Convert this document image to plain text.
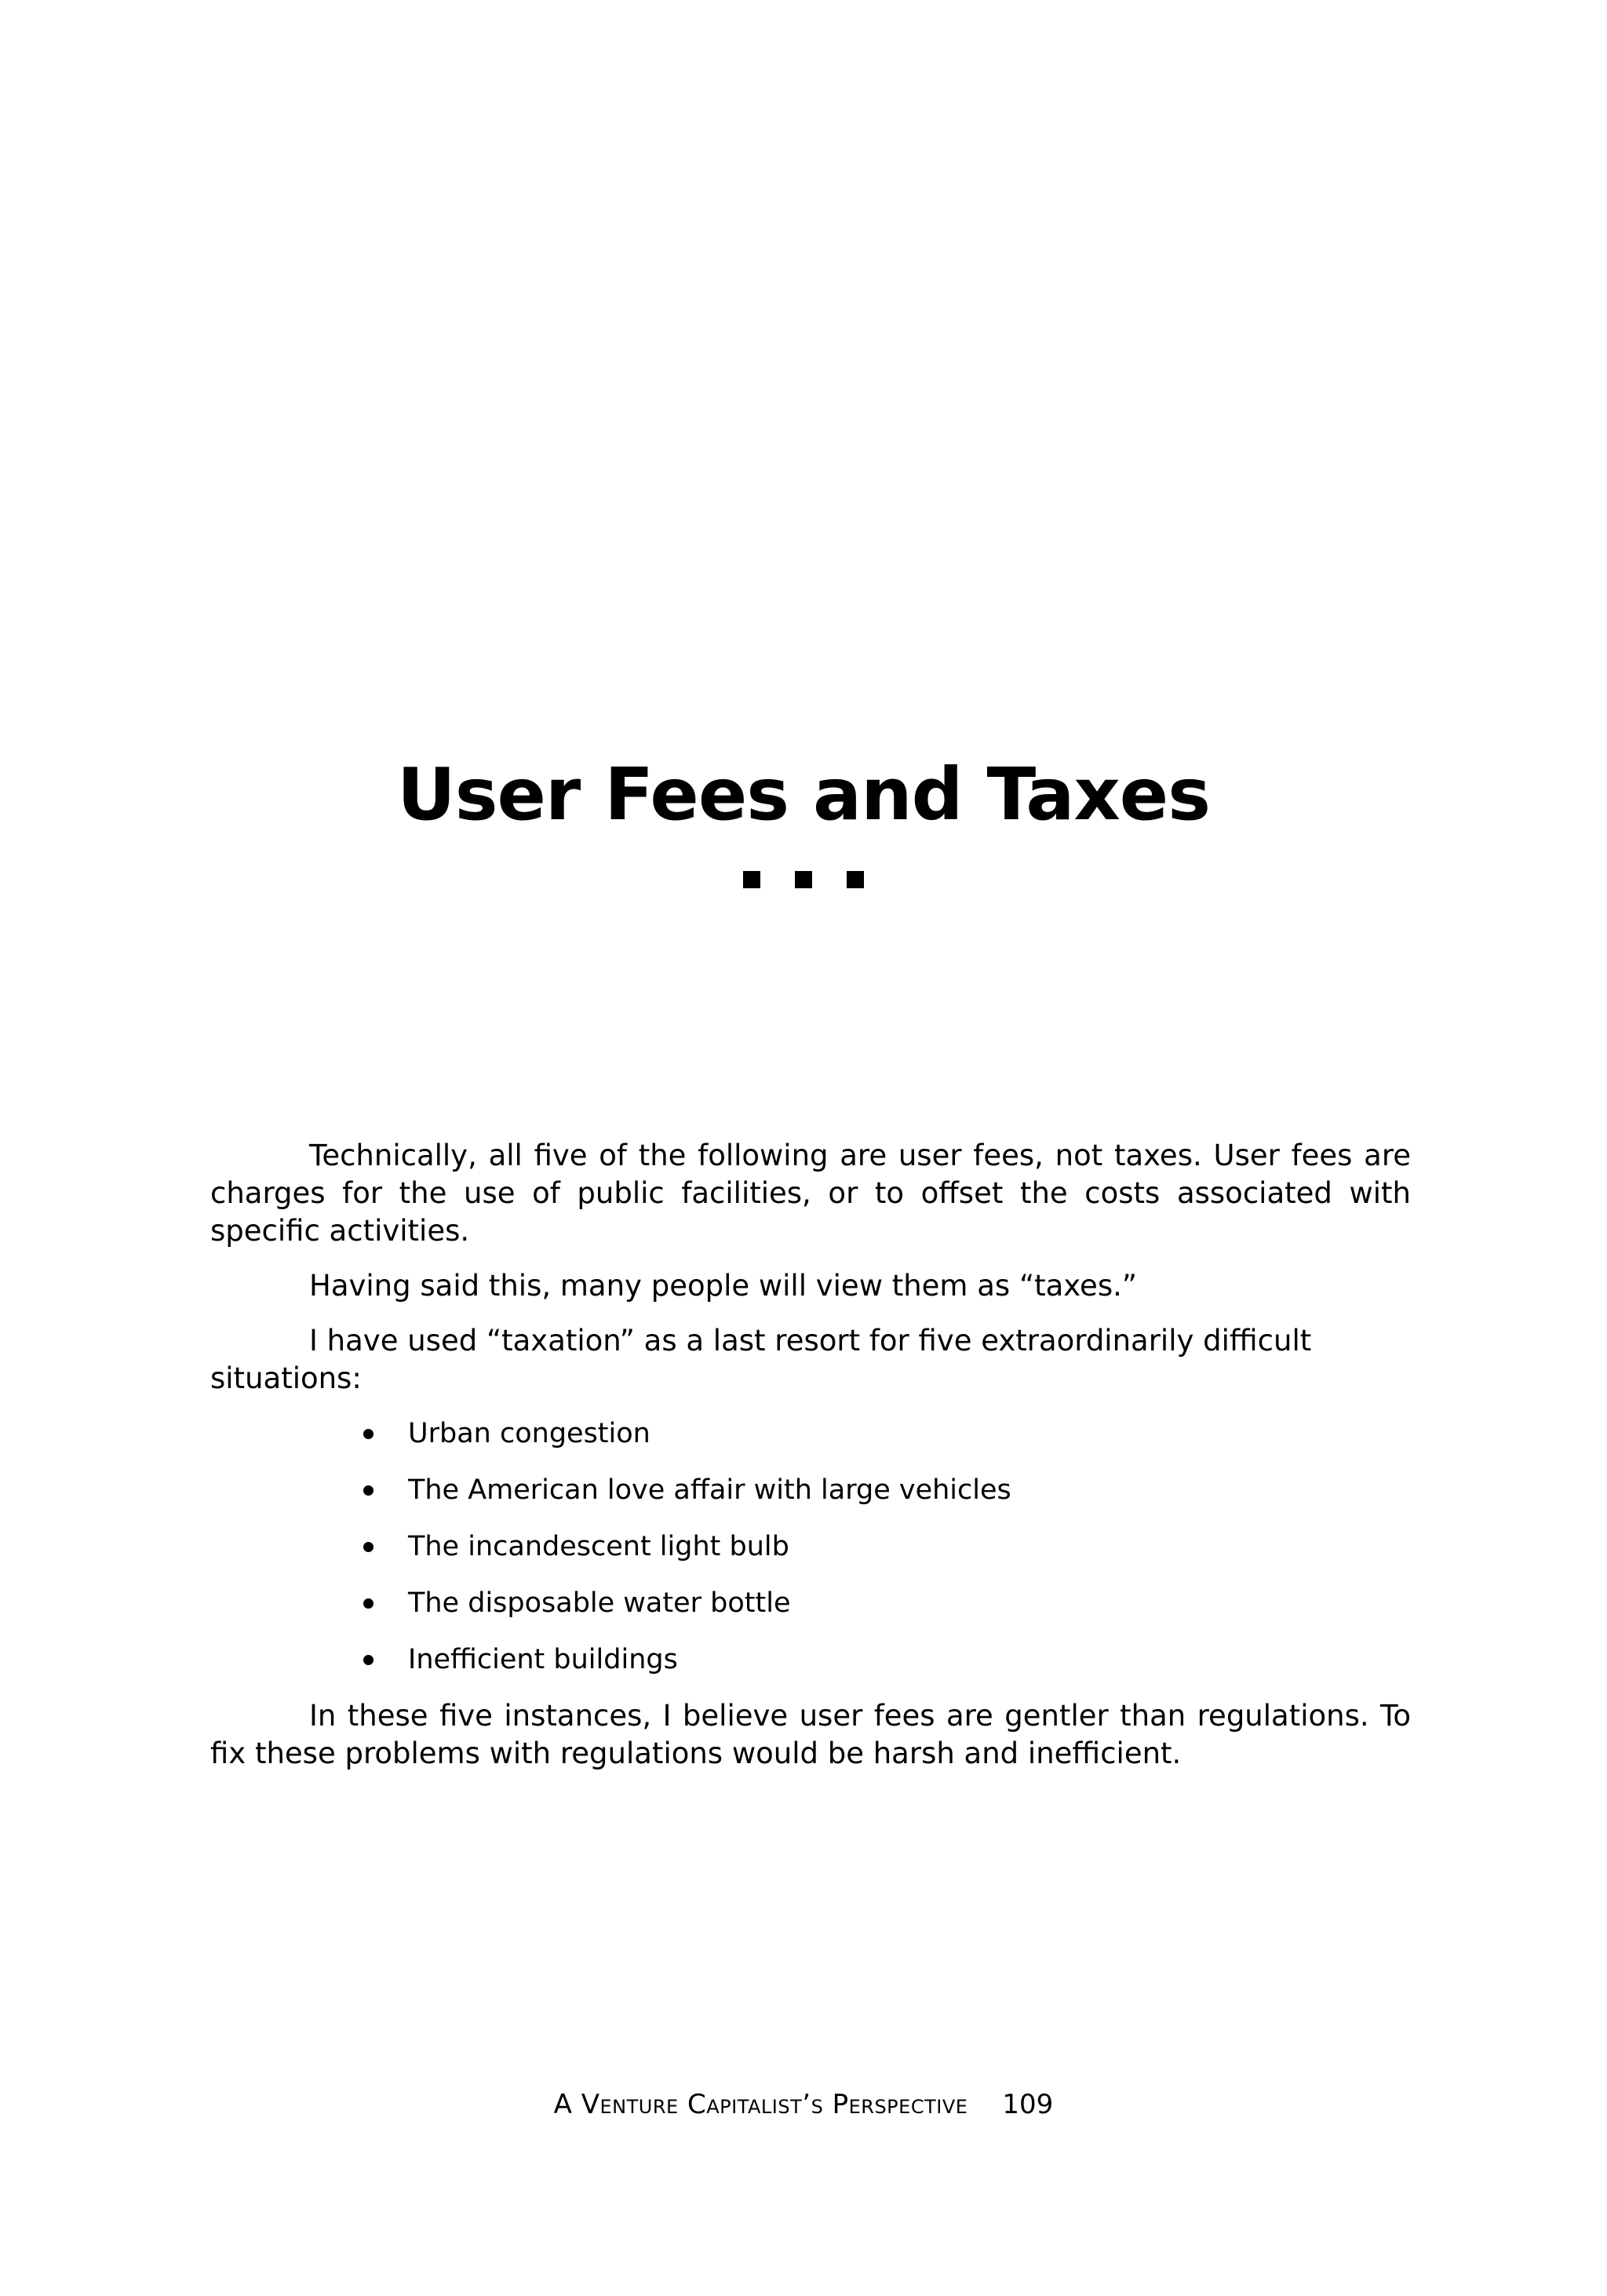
User Fees and Taxes

Technically, all five of the following are user fees, not taxes. User fees are charges for the use of public facilities, or to offset the costs associated with specific activities.

Having said this, many people will view them as “taxes.”

I have used “taxation” as a last resort for five extraordinarily difficult situations:

Urban congestion
The American love affair with large vehicles
The incandescent light bulb
The disposable water bottle
Inefficient buildings

In these five instances, I believe user fees are gentler than regulations. To fix these problems with regulations would be harsh and inefficient.

A Venture Capitalist’s Perspective 109
